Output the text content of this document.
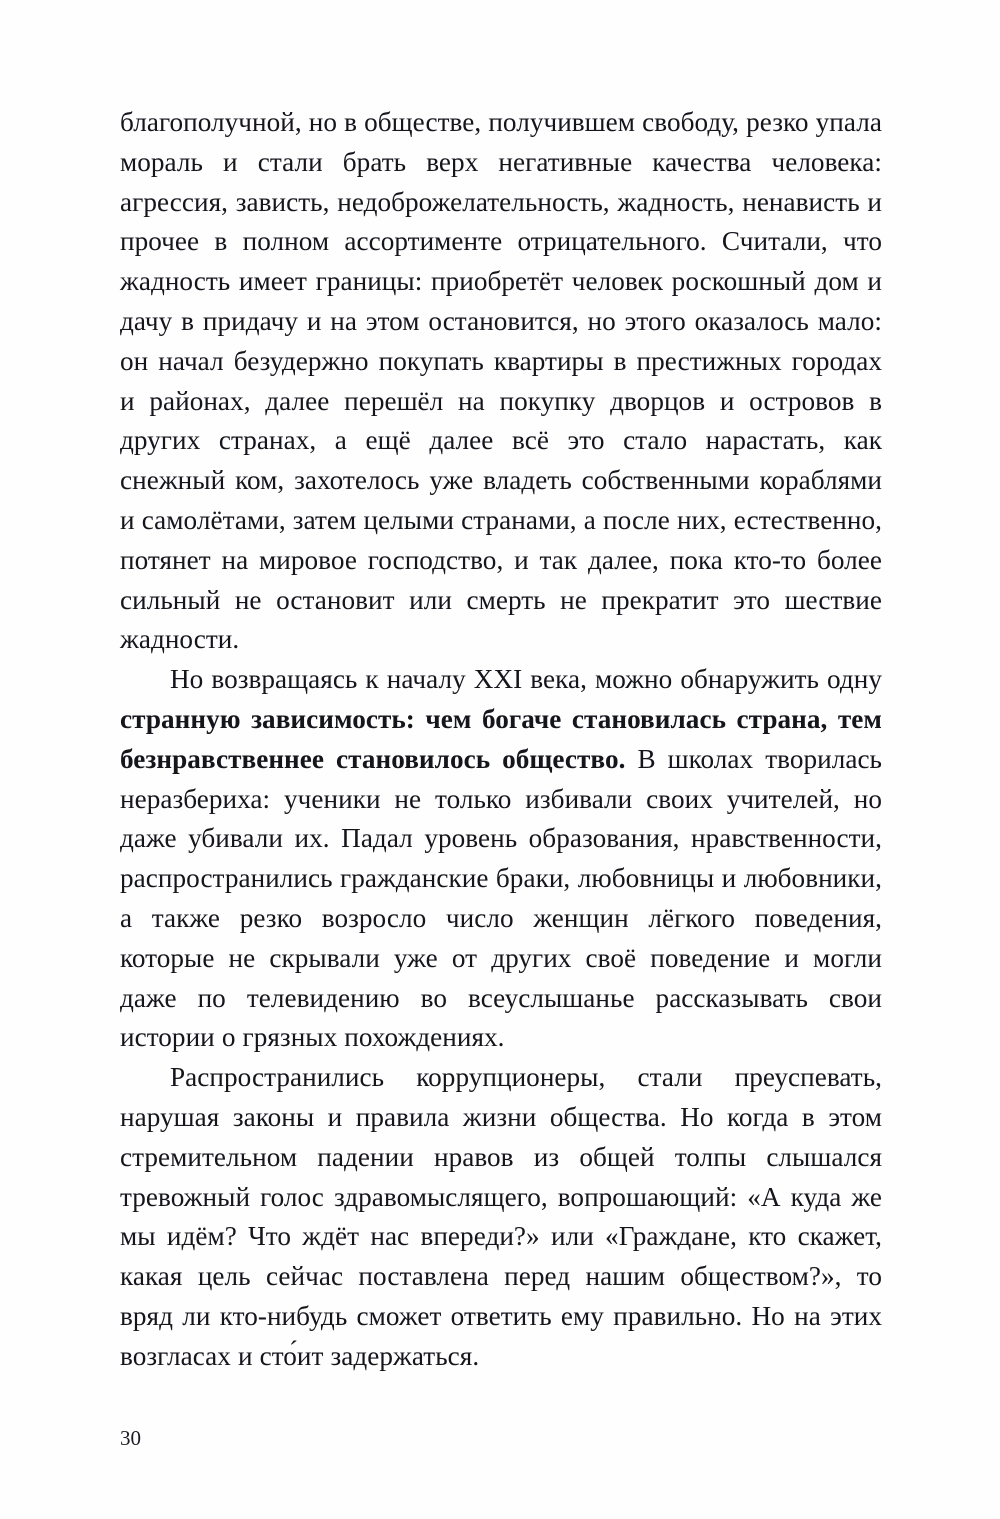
благополучной, но в обществе, получившем свободу, резко упала мораль и стали брать верх негативные качества человека: агрессия, зависть, недоброжелательность, жадность, ненависть и прочее в полном ассортименте отрицательного. Считали, что жадность имеет границы: приобретёт человек роскошный дом и дачу в придачу и на этом остановится, но этого оказалось мало: он начал безудержно покупать квартиры в престижных городах и районах, далее перешёл на покупку дворцов и островов в других странах, а ещё далее всё это стало нарастать, как снежный ком, захотелось уже владеть собственными кораблями и самолётами, затем целыми странами, а после них, естественно, потянет на мировое господство, и так далее, пока кто-то более сильный не остановит или смерть не прекратит это шествие жадности.

Но возвращаясь к началу XXI века, можно обнаружить одну странную зависимость: чем богаче становилась страна, тем безнравственнее становилось общество. В школах творилась неразбериха: ученики не только избивали своих учителей, но даже убивали их. Падал уровень образования, нравственности, распространились гражданские браки, любовницы и любовники, а также резко возросло число женщин лёгкого поведения, которые не скрывали уже от других своё поведение и могли даже по телевидению во всеуслышанье рассказывать свои истории о грязных похождениях.

Распространились коррупционеры, стали преуспевать, нарушая законы и правила жизни общества. Но когда в этом стремительном падении нравов из общей толпы слышался тревожный голос здравомыслящего, вопрошающий: «А куда же мы идём? Что ждёт нас впереди?» или «Граждане, кто скажет, какая цель сейчас поставлена перед нашим обществом?», то вряд ли кто-нибудь сможет ответить ему правильно. Но на этих возгласах и сто́ит задержаться.

30
